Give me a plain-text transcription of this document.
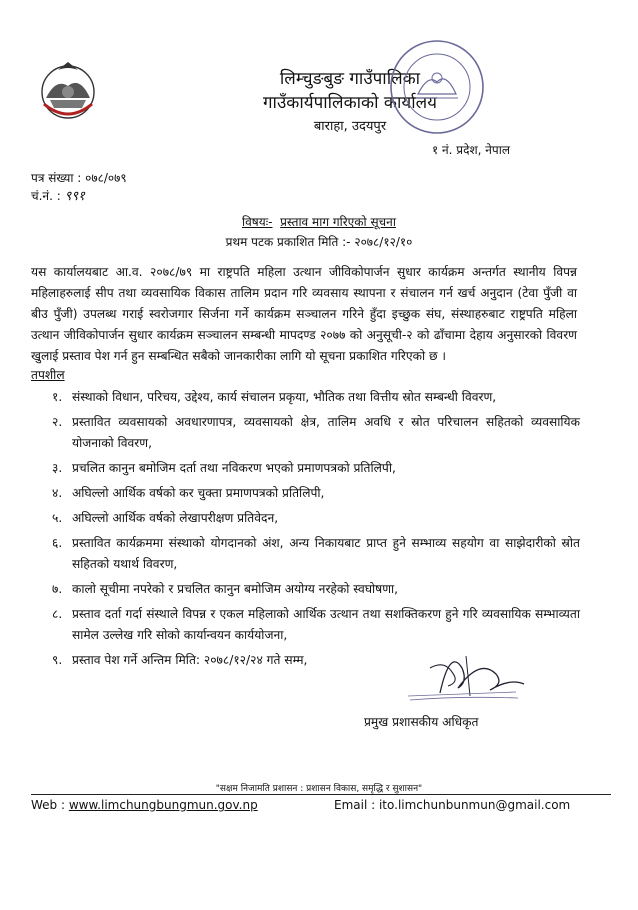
लिम्चुङबुङ गाउँपालिका
गाउँकार्यपालिकाको कार्यालय
बाराहा, उदयपुर
१ नं. प्रदेश, नेपाल
पत्र संख्या : ०७८/०७९
चं.नं. : ९९१
विषयः- प्रस्ताव माग गरिएको सूचना
प्रथम पटक प्रकाशित मिति :- २०७८/१२/१०

यस कार्यालयबाट आ.व. २०७८/७९ मा राष्ट्रपति महिला उत्थान जीविकोपार्जन सुधार कार्यक्रम अन्तर्गत स्थानीय विपन्न महिलाहरुलाई सीप तथा व्यवसायिक विकास तालिम प्रदान गरि व्यवसाय स्थापना र संचालन गर्न खर्च अनुदान (टेवा पुँजी वा बीउ पुँजी) उपलब्ध गराई स्वरोजगार सिर्जना गर्ने कार्यक्रम सञ्चालन गरिने हुँदा इच्छुक संघ, संस्थाहरुबाट राष्ट्रपति महिला उत्थान जीविकोपार्जन सुधार कार्यक्रम सञ्चालन सम्बन्धी मापदण्ड २०७७ को अनुसूची-२ को ढाँचामा देहाय अनुसारको विवरण खुलाई प्रस्ताव पेश गर्न हुन सम्बन्धित सबैको जानकारीका लागि यो सूचना प्रकाशित गरिएको छ ।

तपशील
१. संस्थाको विधान, परिचय, उद्देश्य, कार्य संचालन प्रकृया, भौतिक तथा वित्तीय स्रोत सम्बन्धी विवरण,
२. प्रस्तावित व्यवसायको अवधारणापत्र, व्यवसायको क्षेत्र, तालिम अवधि र स्रोत परिचालन सहितको व्यवसायिक योजनाको विवरण,
३. प्रचलित कानुन बमोजिम दर्ता तथा नविकरण भएको प्रमाणपत्रको प्रतिलिपी,
४. अघिल्लो आर्थिक वर्षको कर चुक्ता प्रमाणपत्रको प्रतिलिपी,
५. अघिल्लो आर्थिक वर्षको लेखापरीक्षण प्रतिवेदन,
६. प्रस्तावित कार्यक्रममा संस्थाको योगदानको अंश, अन्य निकायबाट प्राप्त हुने सम्भाव्य सहयोग वा साझेदारीको स्रोत सहितको यथार्थ विवरण,
७. कालो सूचीमा नपरेको र प्रचलित कानुन बमोजिम अयोग्य नरहेको स्वघोषणा,
८. प्रस्ताव दर्ता गर्दा संस्थाले विपन्न र एकल महिलाको आर्थिक उत्थान तथा सशक्तिकरण हुने गरि व्यवसायिक सम्भाव्यता सामेल उल्लेख गरि सोको कार्यान्वयन कार्ययोजना,
९. प्रस्ताव पेश गर्ने अन्तिम मिति: २०७८/१२/२४ गते सम्म,
प्रमुख प्रशासकीय अधिकृत
"सक्षम निजामति प्रशासन : प्रशासन विकास, समृद्धि र सुशासन"
Web : www.limchungbungmun.gov.np	Email : ito.limchunbunmun@gmail.com
